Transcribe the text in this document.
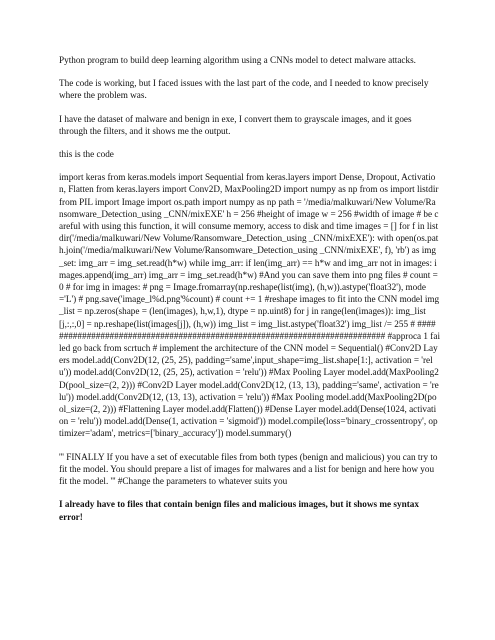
Python program to build deep learning algorithm using a CNNs model to detect malware attacks.

The code is working, but I faced issues with the last part of the code, and I needed to know precisely where the problem was.

I have the dataset of malware and benign in exe, I convert them to grayscale images, and it goes through the filters, and it shows me the output.

this is the code

import keras from keras.models import Sequential from keras.layers import Dense, Dropout, Activation, Flatten from keras.layers import Conv2D, MaxPooling2D import numpy as np from os import listdir from PIL import Image import os.path import numpy as np path = '/media/malkuwari/New Volume/Ransomware_Detection_using _CNN/mixEXE' h = 256 #height of image w = 256 #width of image # be careful with using this function, it will consume memory, access to disk and time images = [] for f in listdir('/media/malkuwari/New Volume/Ransomware_Detection_using _CNN/mixEXE'): with open(os.path.join('/media/malkuwari/New Volume/Ransomware_Detection_using _CNN/mixEXE', f), 'rb') as img_set: img_arr = img_set.read(h*w) while img_arr: if len(img_arr) == h*w and img_arr not in images: images.append(img_arr) img_arr = img_set.read(h*w) #And you can save them into png files # count = 0 # for img in images: # png = Image.fromarray(np.reshape(list(img), (h,w)).astype('float32'), mode='L') # png.save('image_l%d.png'%count) # count += 1 #reshape images to fit into the CNN model img_list = np.zeros(shape = (len(images), h,w,1), dtype = np.uint8) for j in range(len(images)): img_list[j,:,:,0] = np.reshape(list(images[j]), (h,w)) img_list = img_list.astype('float32') img_list /= 255 # ########################################################################### #approca 1 failed go back from scrtuch # implement the architecture of the CNN model = Sequential() #Conv2D Layers model.add(Conv2D(12, (25, 25), padding='same',input_shape=img_list.shape[1:], activation = 'relu')) model.add(Conv2D(12, (25, 25), activation = 'relu')) #Max Pooling Layer model.add(MaxPooling2D(pool_size=(2, 2))) #Conv2D Layer model.add(Conv2D(12, (13, 13), padding='same', activation = 'relu')) model.add(Conv2D(12, (13, 13), activation = 'relu')) #Max Pooling model.add(MaxPooling2D(pool_size=(2, 2))) #Flattening Layer model.add(Flatten()) #Dense Layer model.add(Dense(1024, activation = 'relu')) model.add(Dense(1, activation = 'sigmoid')) model.compile(loss='binary_crossentropy', optimizer='adam', metrics=['binary_accuracy']) model.summary()

''' FINALLY If you have a set of executable files from both types (benign and malicious) you can try to fit the model. You should prepare a list of images for malwares and a list for benign and here how you fit the model. ''' #Change the parameters to whatever suits you

I already have to files that contain benign files and malicious images, but it shows me syntax error!
